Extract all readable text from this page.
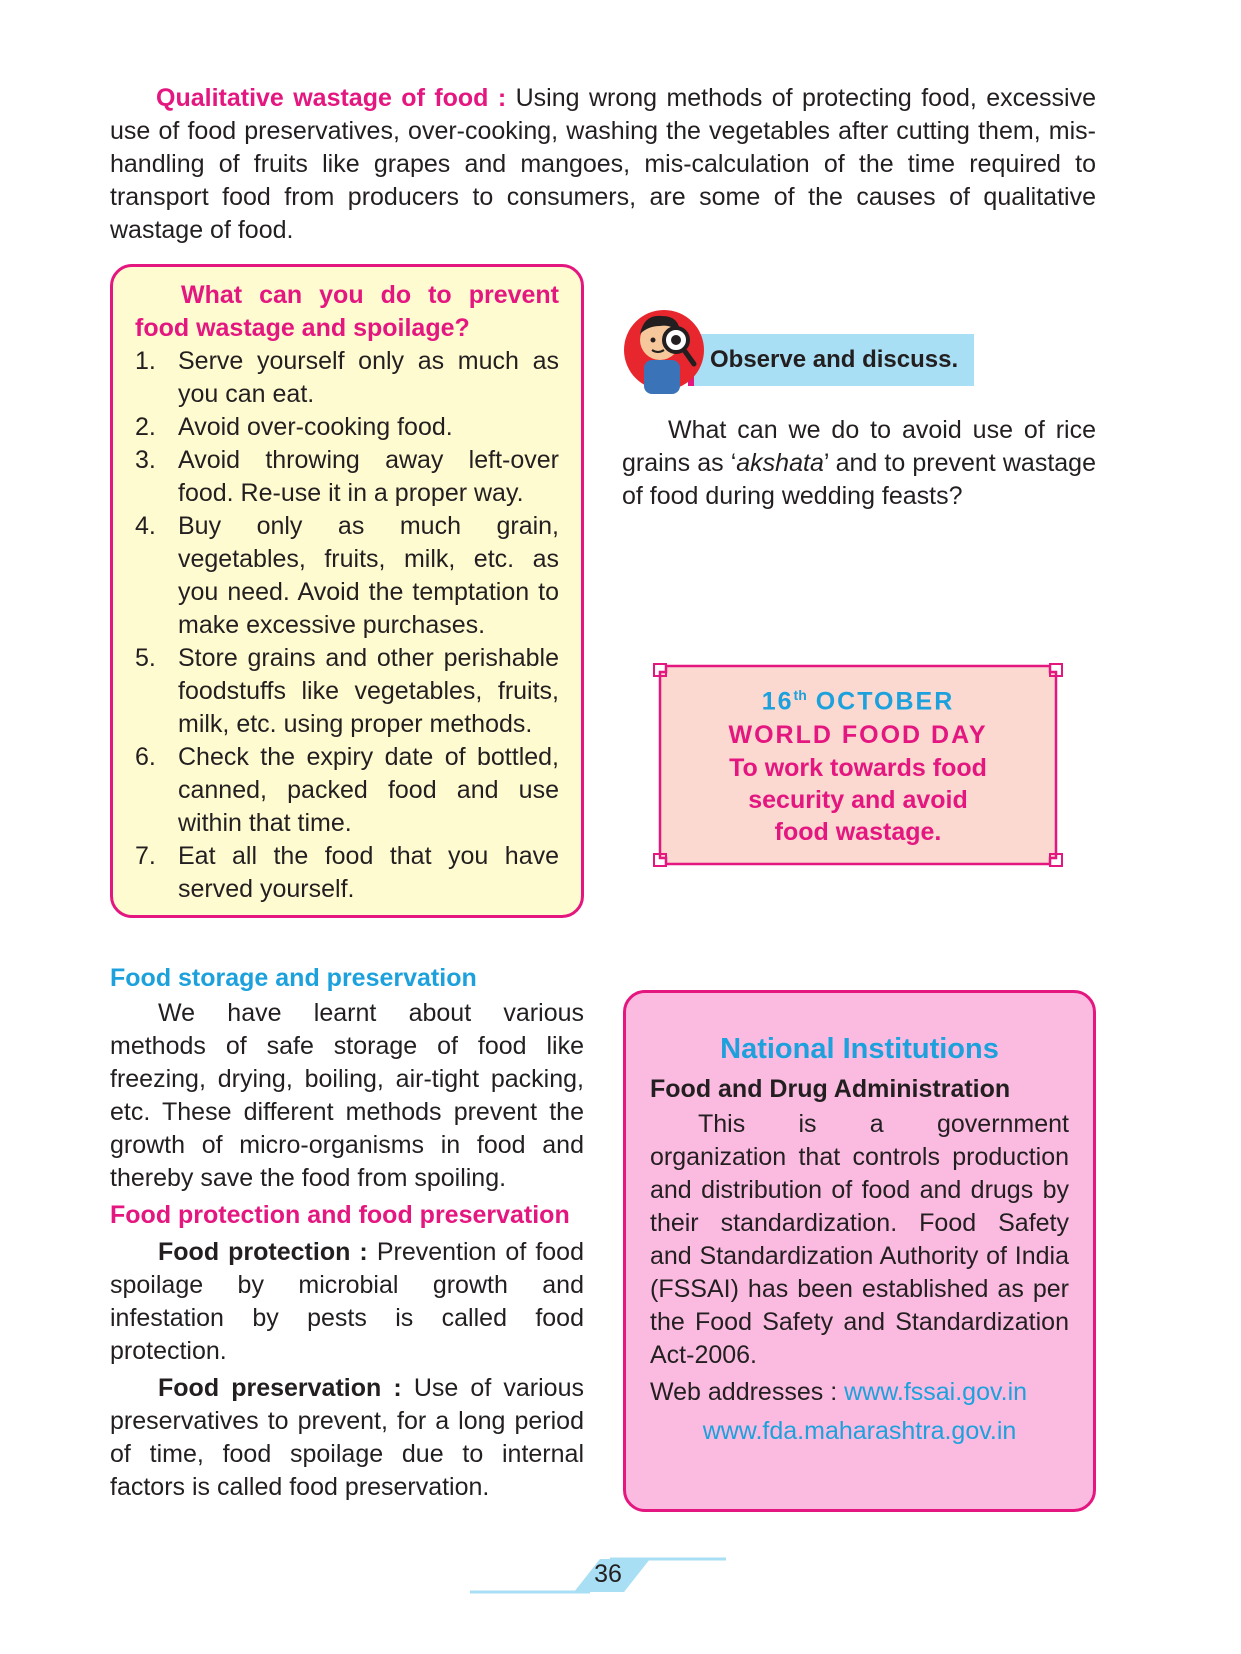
Qualitative wastage of food : Using wrong methods of protecting food, excessive use of food preservatives, over-cooking, washing the vegetables after cutting them, mis-handling of fruits like grapes and mangoes, mis-calculation of the time required to transport food from producers to consumers, are some of the causes of qualitative wastage of food.

What can you do to prevent food wastage and spoilage?

1. Serve yourself only as much as you can eat.
2. Avoid over-cooking food.
3. Avoid throwing away left-over food. Re-use it in a proper way.
4. Buy only as much grain, vegetables, fruits, milk, etc. as you need. Avoid the temptation to make excessive purchases.
5. Store grains and other perishable foodstuffs like vegetables, fruits, milk, etc. using proper methods.
6. Check the expiry date of bottled, canned, packed food and use within that time.
7. Eat all the food that you have served yourself.
Observe and discuss.

What can we do to avoid use of rice grains as ‘akshata’ and to prevent wastage of food during wedding feasts?

16th OCTOBER
WORLD FOOD DAY
To work towards food
security and avoid
food wastage.

Food storage and preservation

We have learnt about various methods of safe storage of food like freezing, drying, boiling, air-tight packing, etc. These different methods prevent the growth of micro-organisms in food and thereby save the food from spoiling.

Food protection and food preservation

Food protection : Prevention of food spoilage by microbial growth and infestation by pests is called food protection.

Food preservation : Use of various preservatives to prevent, for a long period of time, food spoilage due to internal factors is called food preservation.

National Institutions
Food and Drug Administration

This is a government organization that controls production and distribution of food and drugs by their standardization. Food Safety and Standardization Authority of India (FSSAI) has been established as per the Food Safety and Standardization Act-2006.

Web addresses : www.fssai.gov.in

www.fda.maharashtra.gov.in

36
